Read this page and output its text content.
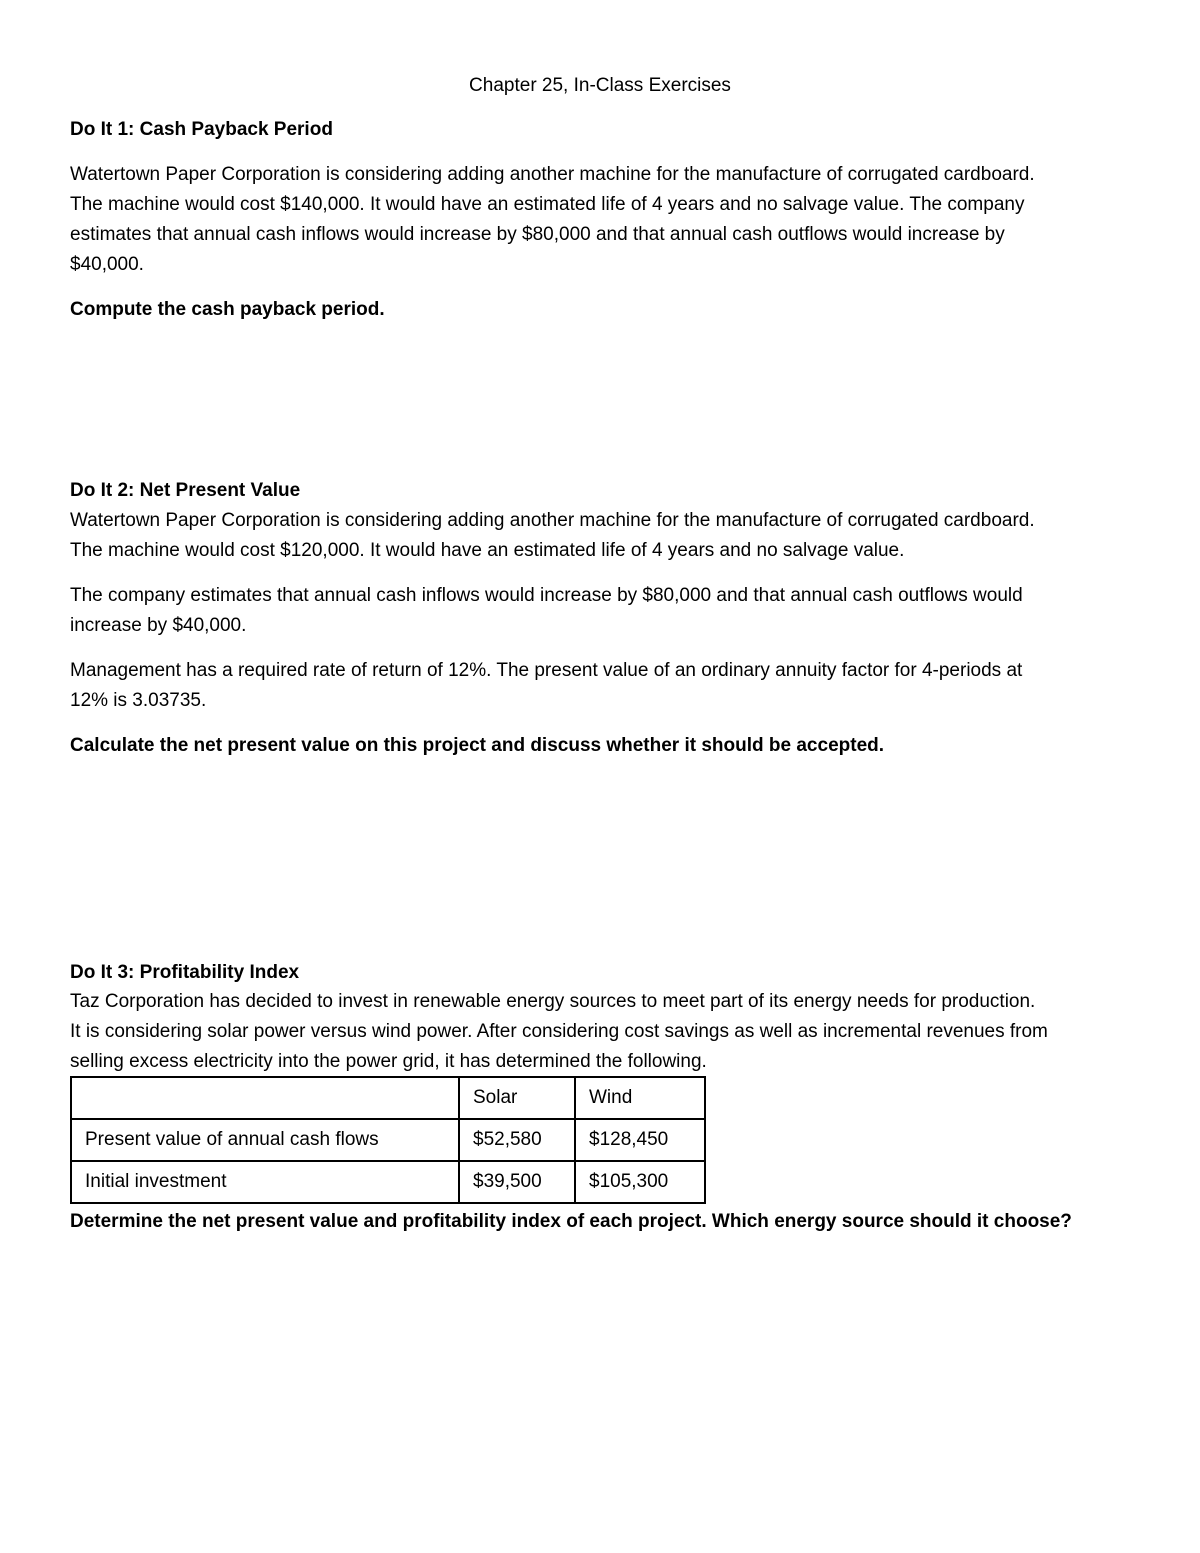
Chapter 25, In-Class Exercises
Do It 1: Cash Payback Period
Watertown Paper Corporation is considering adding another machine for the manufacture of corrugated cardboard.
The machine would cost $140,000. It would have an estimated life of 4 years and no salvage value. The company
estimates that annual cash inflows would increase by $80,000 and that annual cash outflows would increase by
$40,000.
Compute the cash payback period.
Do It 2: Net Present Value
Watertown Paper Corporation is considering adding another machine for the manufacture of corrugated cardboard.
The machine would cost $120,000. It would have an estimated life of 4 years and no salvage value.
The company estimates that annual cash inflows would increase by $80,000 and that annual cash outflows would
increase by $40,000.
Management has a required rate of return of 12%. The present value of an ordinary annuity factor for 4-periods at
12% is 3.03735.
Calculate the net present value on this project and discuss whether it should be accepted.
Do It 3: Profitability Index
Taz Corporation has decided to invest in renewable energy sources to meet part of its energy needs for production.
It is considering solar power versus wind power. After considering cost savings as well as incremental revenues from
selling excess electricity into the power grid, it has determined the following.
	Solar	Wind
Present value of annual cash flows	$52,580	$128,450
Initial investment	$39,500	$105,300
Determine the net present value and profitability index of each project. Which energy source should it choose?
